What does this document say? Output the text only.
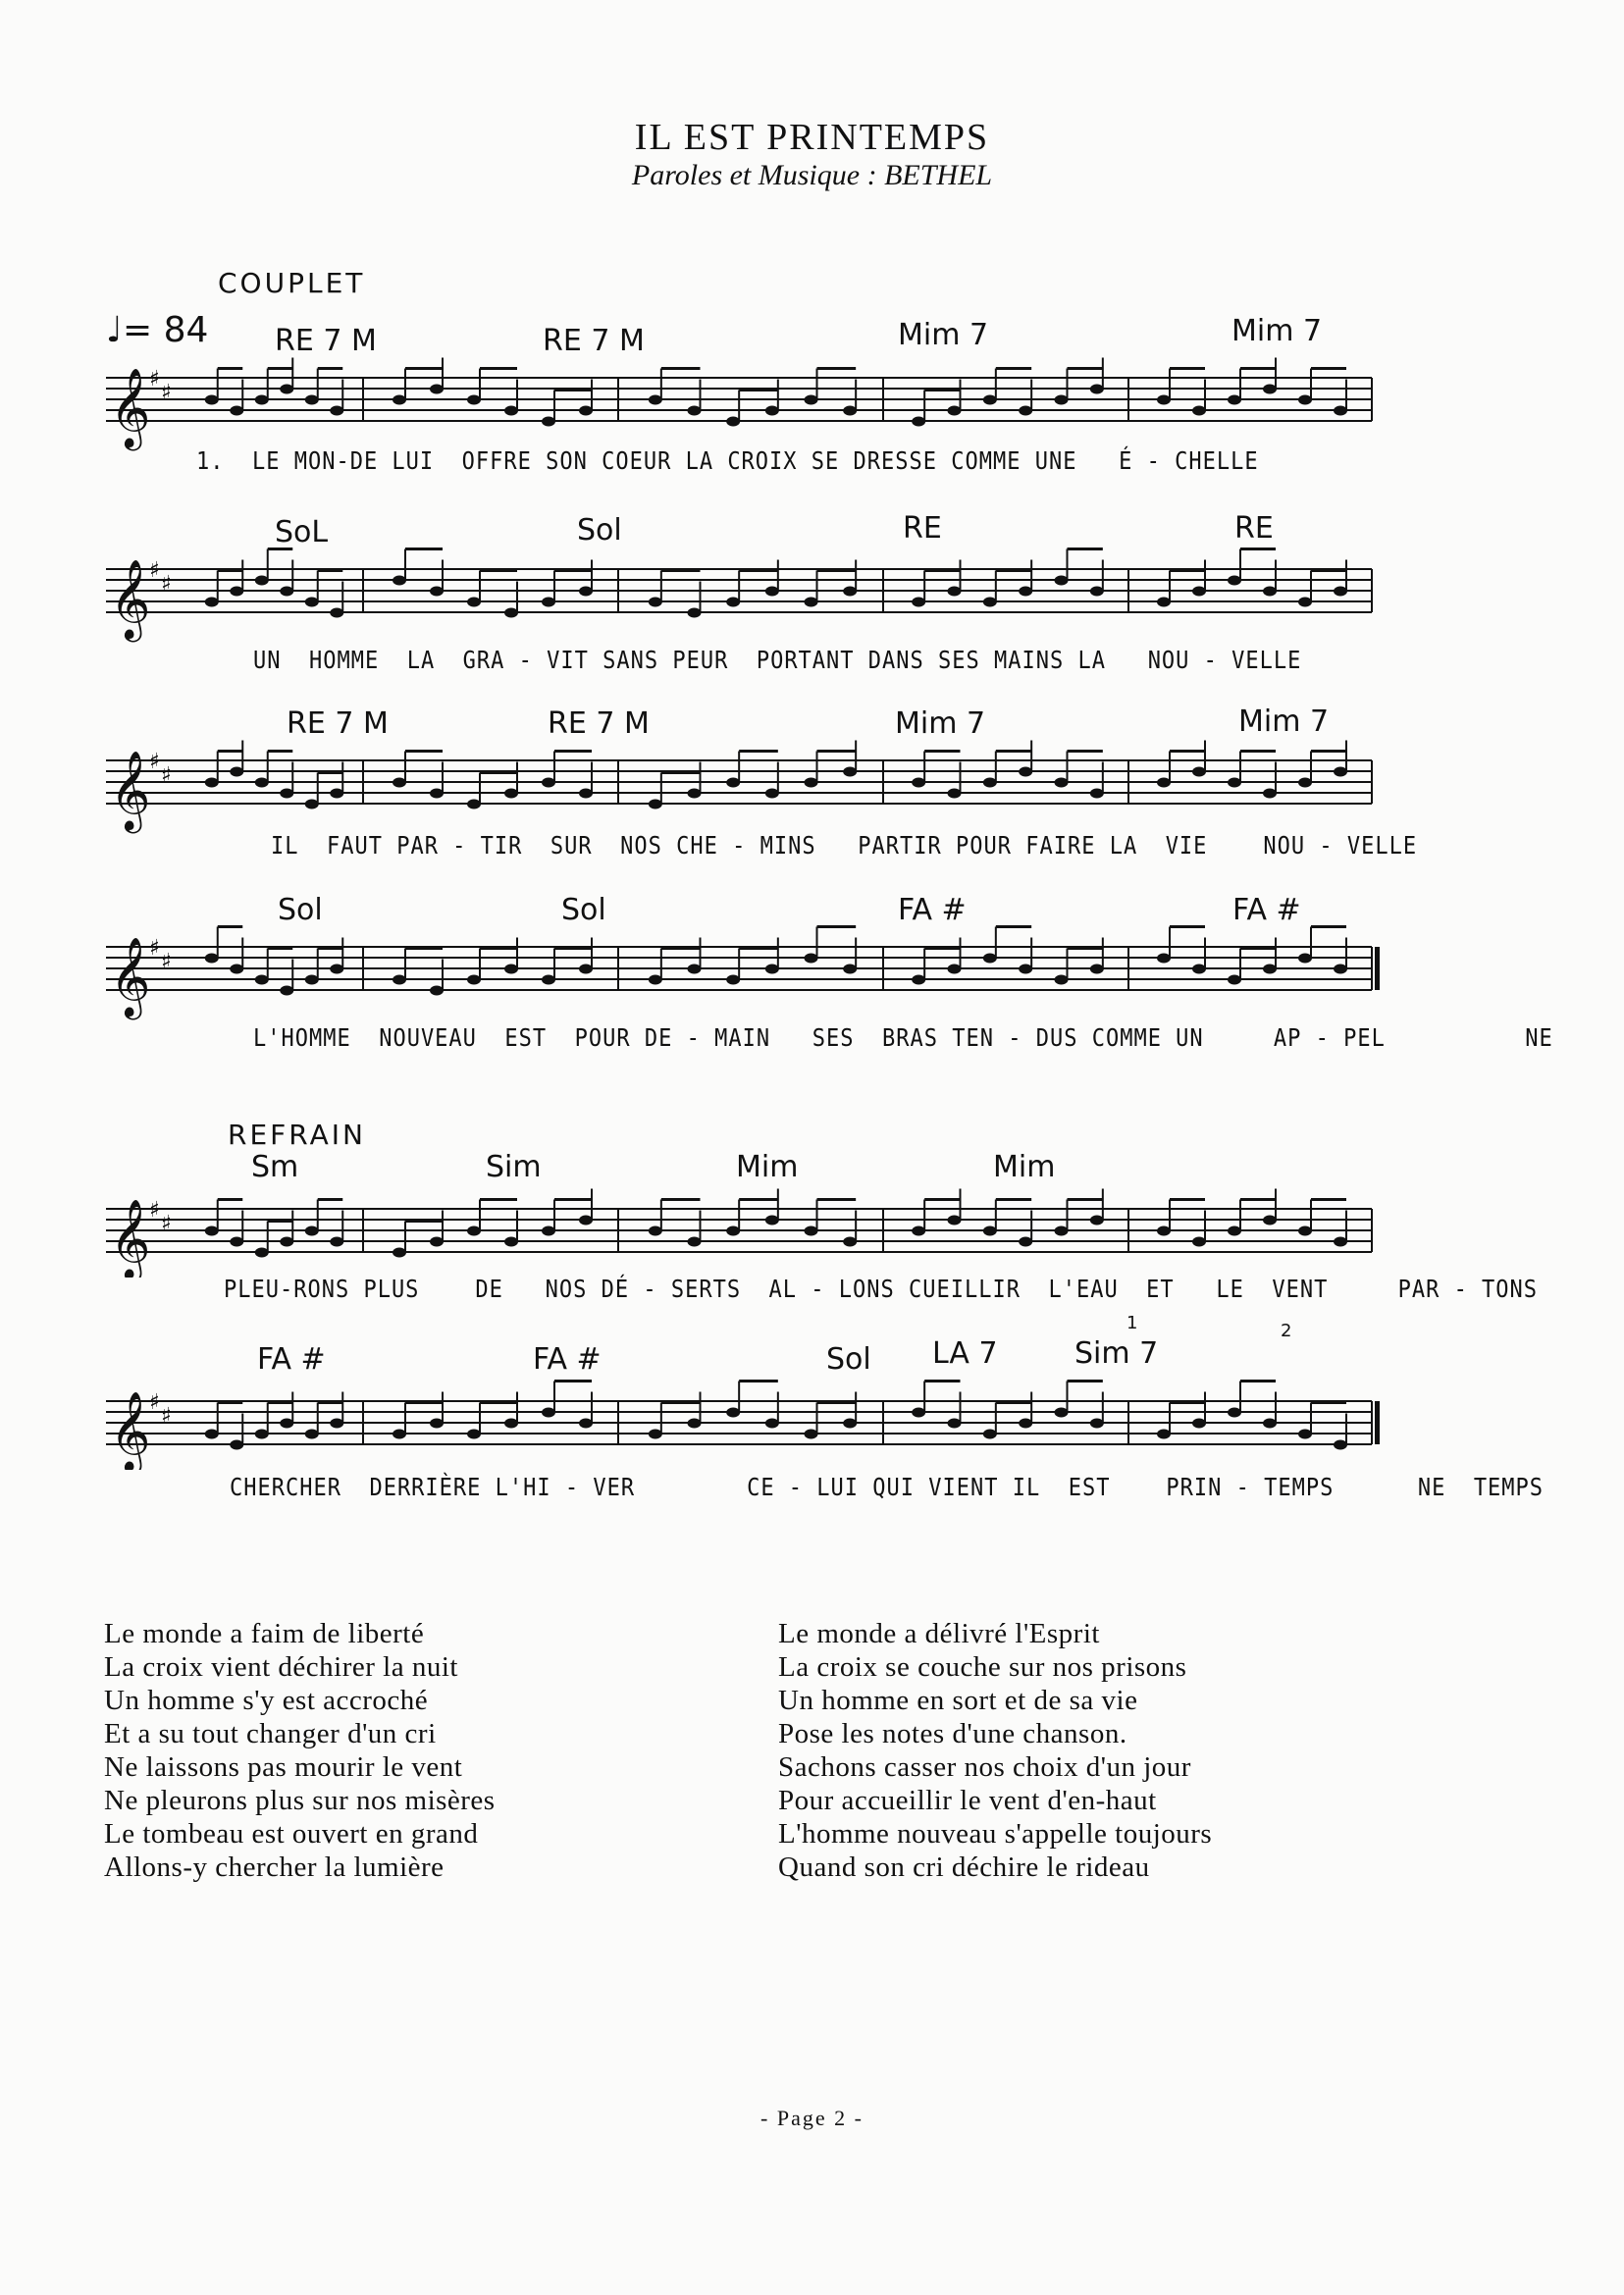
IL EST PRINTEMPS
Paroles et Musique : BETHEL
COUPLET
♩= 84
𝄞
♯
♯
RE 7 M	RE 7 M	Mim 7	Mim 7
1.  LE MON-DE LUI  OFFRE SON COEUR LA CROIX SE DRESSE COMME UNE   É - CHELLE
𝄞
♯
♯
SoL	Sol	RE	RE
UN  HOMME  LA  GRA - VIT SANS PEUR  PORTANT DANS SES MAINS LA   NOU - VELLE
𝄞
♯
♯
RE 7 M	RE 7 M	Mim 7	Mim 7
IL  FAUT PAR - TIR  SUR  NOS CHE - MINS   PARTIR POUR FAIRE LA  VIE    NOU - VELLE
𝄞
♯
♯
Sol	Sol	FA #	FA #
L'HOMME  NOUVEAU  EST  POUR DE - MAIN   SES  BRAS TEN - DUS COMME UN     AP - PEL          NE
REFRAIN
𝄞
♯
♯
Sm	Sim	Mim	Mim
PLEU-RONS PLUS    DE   NOS DÉ - SERTS  AL - LONS CUEILLIR  L'EAU  ET   LE  VENT     PAR - TONS
𝄞
♯
♯
FA #	FA #	Sol LA 7	Sim 7
1	2
CHERCHER  DERRIÈRE L'HI - VER        CE - LUI QUI VIENT IL  EST    PRIN - TEMPS      NE  TEMPS
Le monde a faim de liberté
La croix vient déchirer la nuit
Un homme s'y est accroché
Et a su tout changer d'un cri
Ne laissons pas mourir le vent
Ne pleurons plus sur nos misères
Le tombeau est ouvert en grand
Allons-y chercher la lumière
Le monde a délivré l'Esprit
La croix se couche sur nos prisons
Un homme en sort et de sa vie
Pose les notes d'une chanson.
Sachons casser nos choix d'un jour
Pour accueillir le vent d'en-haut
L'homme nouveau s'appelle toujours
Quand son cri déchire le rideau
- Page 2 -
